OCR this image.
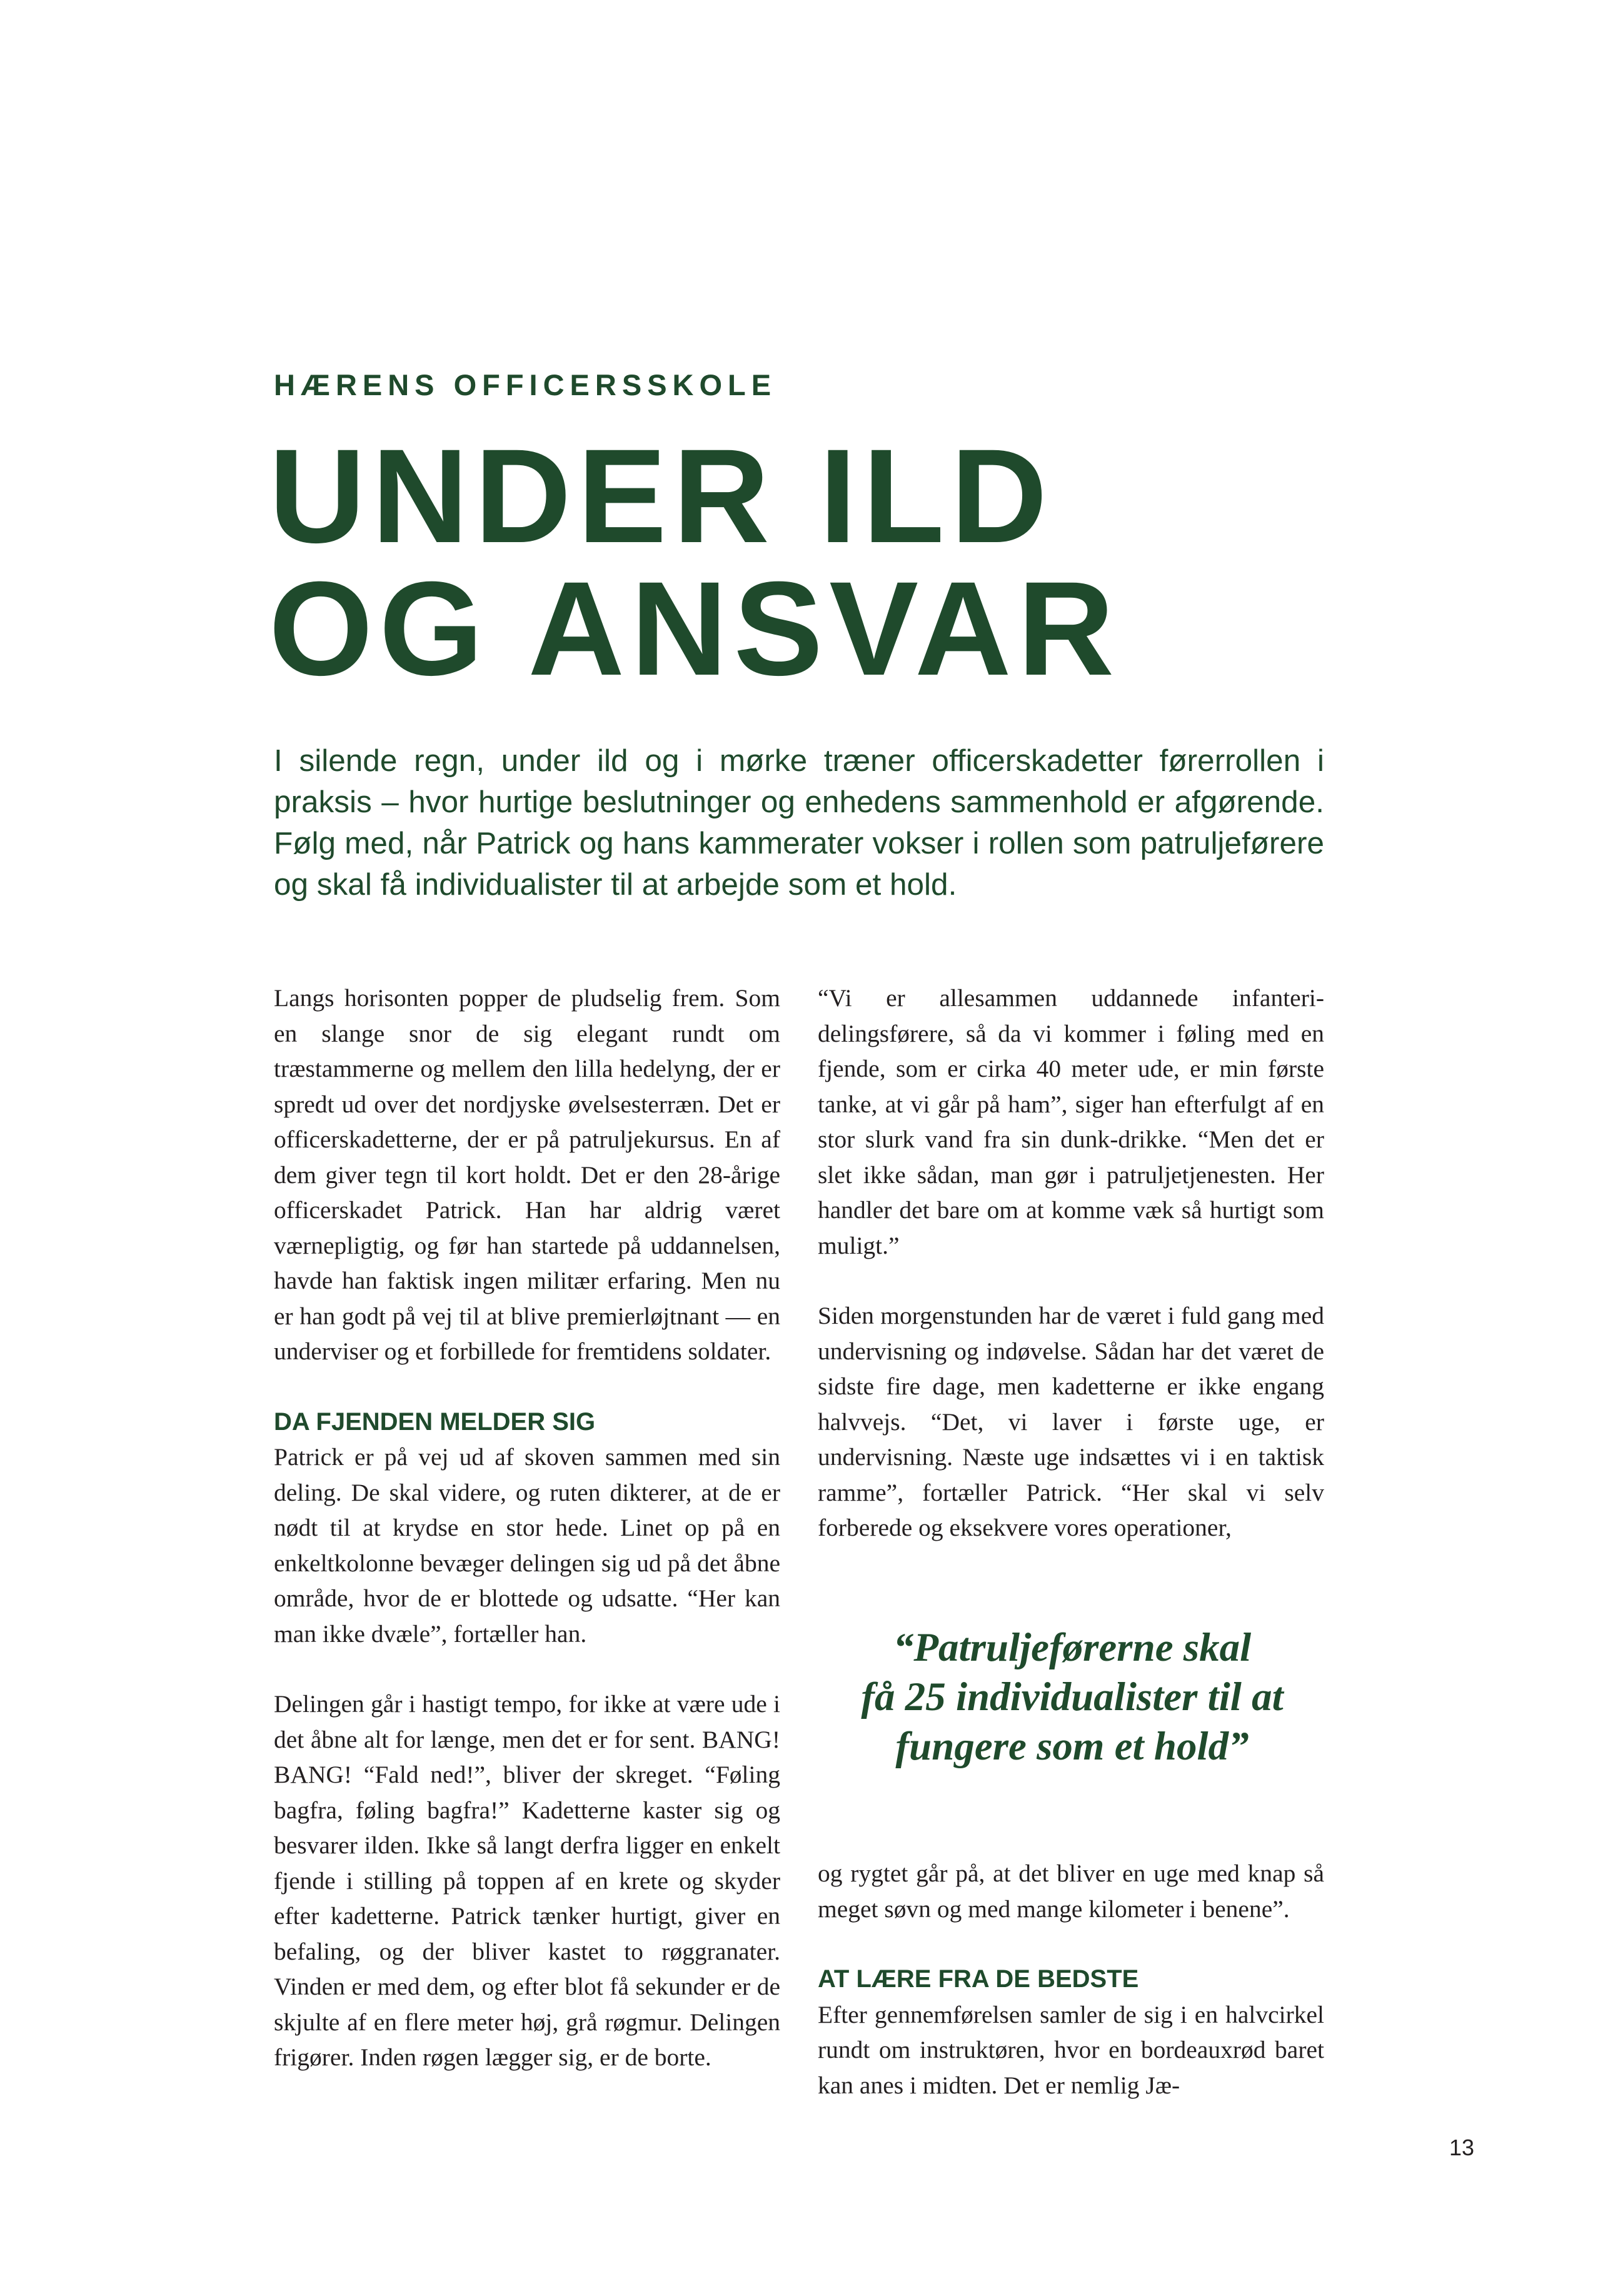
HÆRENS OFFICERSSKOLE
UNDER ILD
OG ANSVAR

I silende regn, under ild og i mørke træner officerskadetter førerrollen i praksis – hvor hurtige beslutninger og enhedens sammenhold er afgørende. Følg med, når Patrick og hans kammerater vokser i rollen som patruljeførere og skal få individualister til at arbejde som et hold.

Langs horisonten popper de pludselig frem. Som en slange snor de sig elegant rundt om træstammerne og mellem den lilla hedelyng, der er spredt ud over det nordjyske øvelsesterræn. Det er officerskadetterne, der er på patruljekursus. En af dem giver tegn til kort holdt. Det er den 28-årige officerskadet Patrick. Han har aldrig været værnepligtig, og før han startede på uddannelsen, havde han faktisk ingen militær erfaring. Men nu er han godt på vej til at blive premierløjtnant — en underviser og et forbillede for fremtidens soldater.

DA FJENDEN MELDER SIG

Patrick er på vej ud af skoven sammen med sin deling. De skal videre, og ruten dikterer, at de er nødt til at krydse en stor hede. Linet op på en enkeltkolonne bevæger delingen sig ud på det åbne område, hvor de er blottede og udsatte. “Her kan man ikke dvæle”, fortæller han.

Delingen går i hastigt tempo, for ikke at være ude i det åbne alt for længe, men det er for sent. BANG! BANG! “Fald ned!”, bliver der skreget. “Føling bagfra, føling bagfra!” Kadetterne kaster sig og besvarer ilden. Ikke så langt derfra ligger en enkelt fjende i stilling på toppen af en krete og skyder efter kadetterne. Patrick tænker hurtigt, giver en befaling, og der bliver kastet to røggranater. Vinden er med dem, og efter blot få sekunder er de skjulte af en flere meter høj, grå røgmur. Delingen frigører. Inden røgen lægger sig, er de borte.

“Vi er allesammen uddannede infanteri-delingsførere, så da vi kommer i føling med en fjende, som er cirka 40 meter ude, er min første tanke, at vi går på ham”, siger han efterfulgt af en stor slurk vand fra sin dunk-drikke. “Men det er slet ikke sådan, man gør i patruljetjenesten. Her handler det bare om at komme væk så hurtigt som muligt.”

Siden morgenstunden har de været i fuld gang med undervisning og indøvelse. Sådan har det været de sidste fire dage, men kadetterne er ikke engang halvvejs. “Det, vi laver i første uge, er undervisning. Næste uge indsættes vi i en taktisk ramme”, fortæller Patrick. “Her skal vi selv forberede og eksekvere vores operationer,

“Patruljeførerne skal
få 25 individualister til at
fungere som et hold”

og rygtet går på, at det bliver en uge med knap så meget søvn og med mange kilometer i benene”.

AT LÆRE FRA DE BEDSTE

Efter gennemførelsen samler de sig i en halvcirkel rundt om instruktøren, hvor en bordeauxrød baret kan anes i midten. Det er nemlig Jæ-

13
